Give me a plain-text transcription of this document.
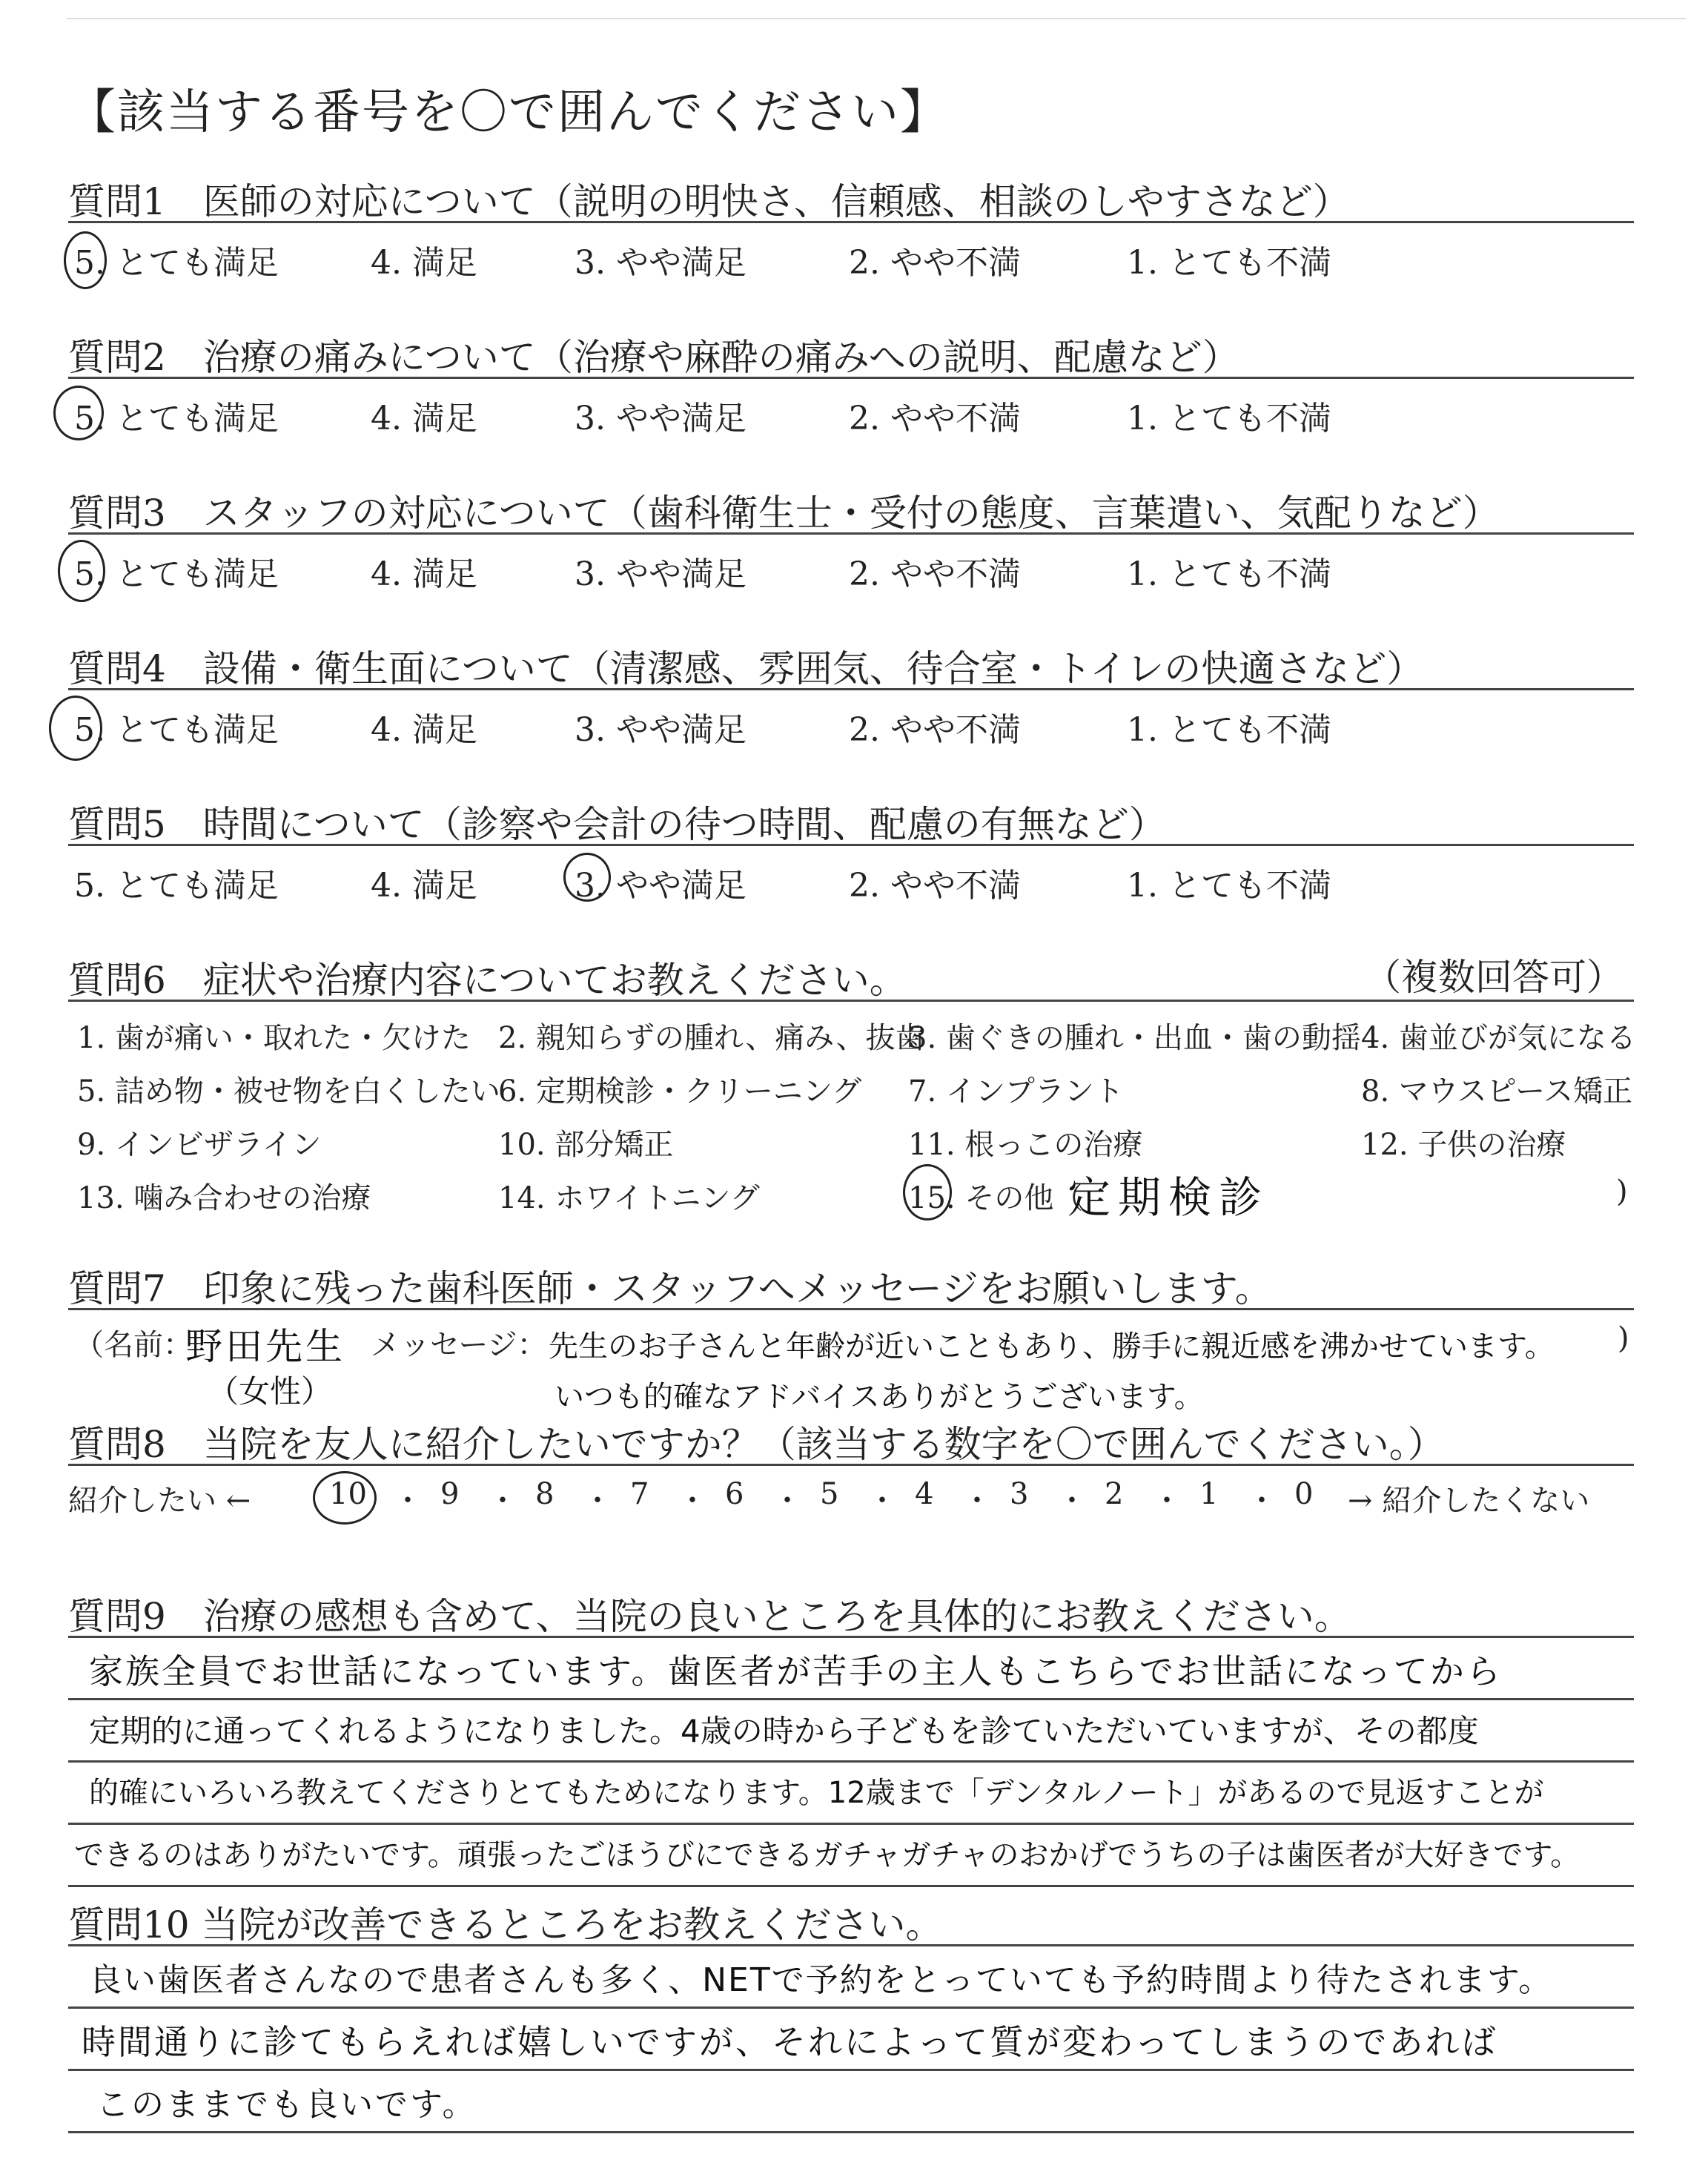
【該当する番号を〇で囲んでください】
質問1　医師の対応について（説明の明快さ、信頼感、相談のしやすさなど）
5. とても満足	4. 満足	3. やや満足	2. やや不満	1. とても不満
質問2　治療の痛みについて（治療や麻酔の痛みへの説明、配慮など）
5. とても満足	4. 満足	3. やや満足	2. やや不満	1. とても不満
質問3　スタッフの対応について（歯科衛生士・受付の態度、言葉遣い、気配りなど）
5. とても満足	4. 満足	3. やや満足	2. やや不満	1. とても不満
質問4　設備・衛生面について（清潔感、雰囲気、待合室・トイレの快適さなど）
5. とても満足	4. 満足	3. やや満足	2. やや不満	1. とても不満
質問5　時間について（診察や会計の待つ時間、配慮の有無など）
5. とても満足	4. 満足	3. やや満足	2. やや不満	1. とても不満
質問6　症状や治療内容についてお教えください。	（複数回答可）
1. 歯が痛い・取れた・欠けた 2. 親知らずの腫れ、痛み、抜歯
3. 歯ぐきの腫れ・出血・歯の動揺 4. 歯並びが気になる
5. 詰め物・被せ物を白くしたい
6. 定期検診・クリーニング 7. インプラント	8. マウスピース矯正
9. インビザライン	10. 部分矯正	11. 根っこの治療	12. 子供の治療
13. 噛み合わせの治療	14. ホワイトニング	15. その他（
定期検診	)
質問7　印象に残った歯科医師・スタッフへメッセージをお願いします。
（名前：
野田先生
（女性）
メッセージ： 先生のお子さんと年齢が近いこともあり、勝手に親近感を沸かせています。
いつも的確なアドバイスありがとうございます。
)
質問8　当院を友人に紹介したいですか？（該当する数字を〇で囲んでください。）
紹介したい ←	10 ・ 9 ・ 8 ・ 7 ・ 6 ・ 5 ・ 4 ・ 3 ・ 2 ・ 1 ・ 0 → 紹介したくない
質問9　治療の感想も含めて、当院の良いところを具体的にお教えください。
家族全員でお世話になっています。歯医者が苦手の主人もこちらでお世話になってから
定期的に通ってくれるようになりました。4歳の時から子どもを診ていただいていますが、その都度
的確にいろいろ教えてくださりとてもためになります。12歳まで「デンタルノート」があるので見返すことが
できるのはありがたいです。頑張ったごほうびにできるガチャガチャのおかげでうちの子は歯医者が大好きです。
質問10 当院が改善できるところをお教えください。
良い歯医者さんなので患者さんも多く、NETで予約をとっていても予約時間より待たされます。
時間通りに診てもらえれば嬉しいですが、それによって質が変わってしまうのであれば
このままでも良いです。
